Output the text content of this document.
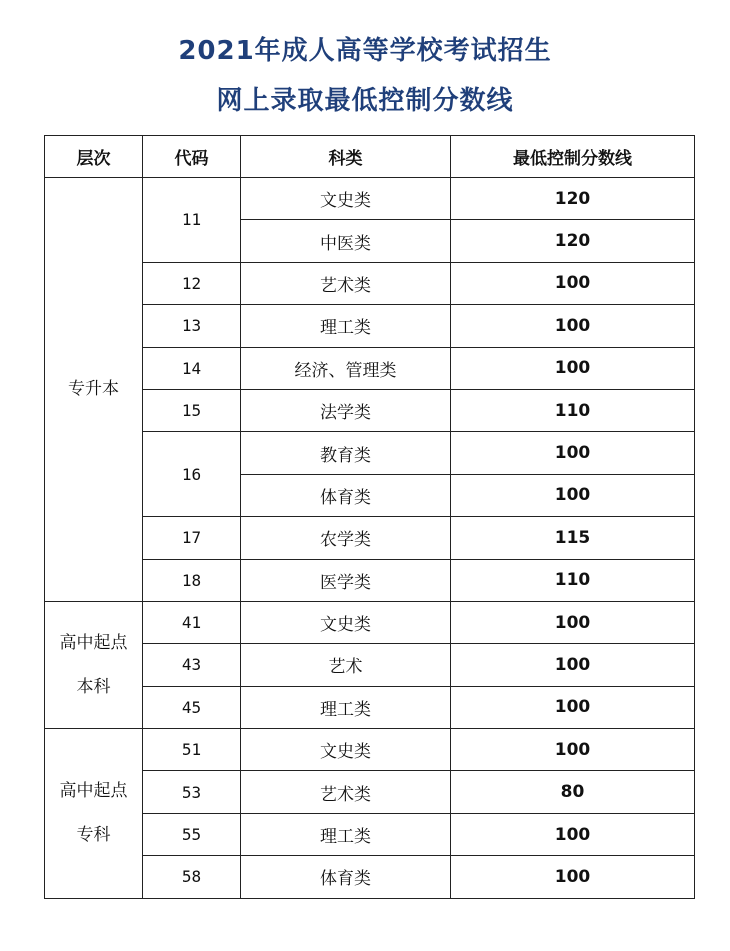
2021年成人高等学校考试招生
网上录取最低控制分数线
层次	代码	科类	最低控制分数线

专升本	11	文史类	120
		中医类	120
	12	艺术类	100
	13	理工类	100
	14	经济、管理类	100
	15	法学类	110
	16	教育类	100
		体育类	100
	17	农学类	115
	18	医学类	110

高中起点
本科	41	文史类	100
	43	艺术	100
	45	理工类	100

高中起点
专科	51	文史类	100
	53	艺术类	80
	55	理工类	100
	58	体育类	100
